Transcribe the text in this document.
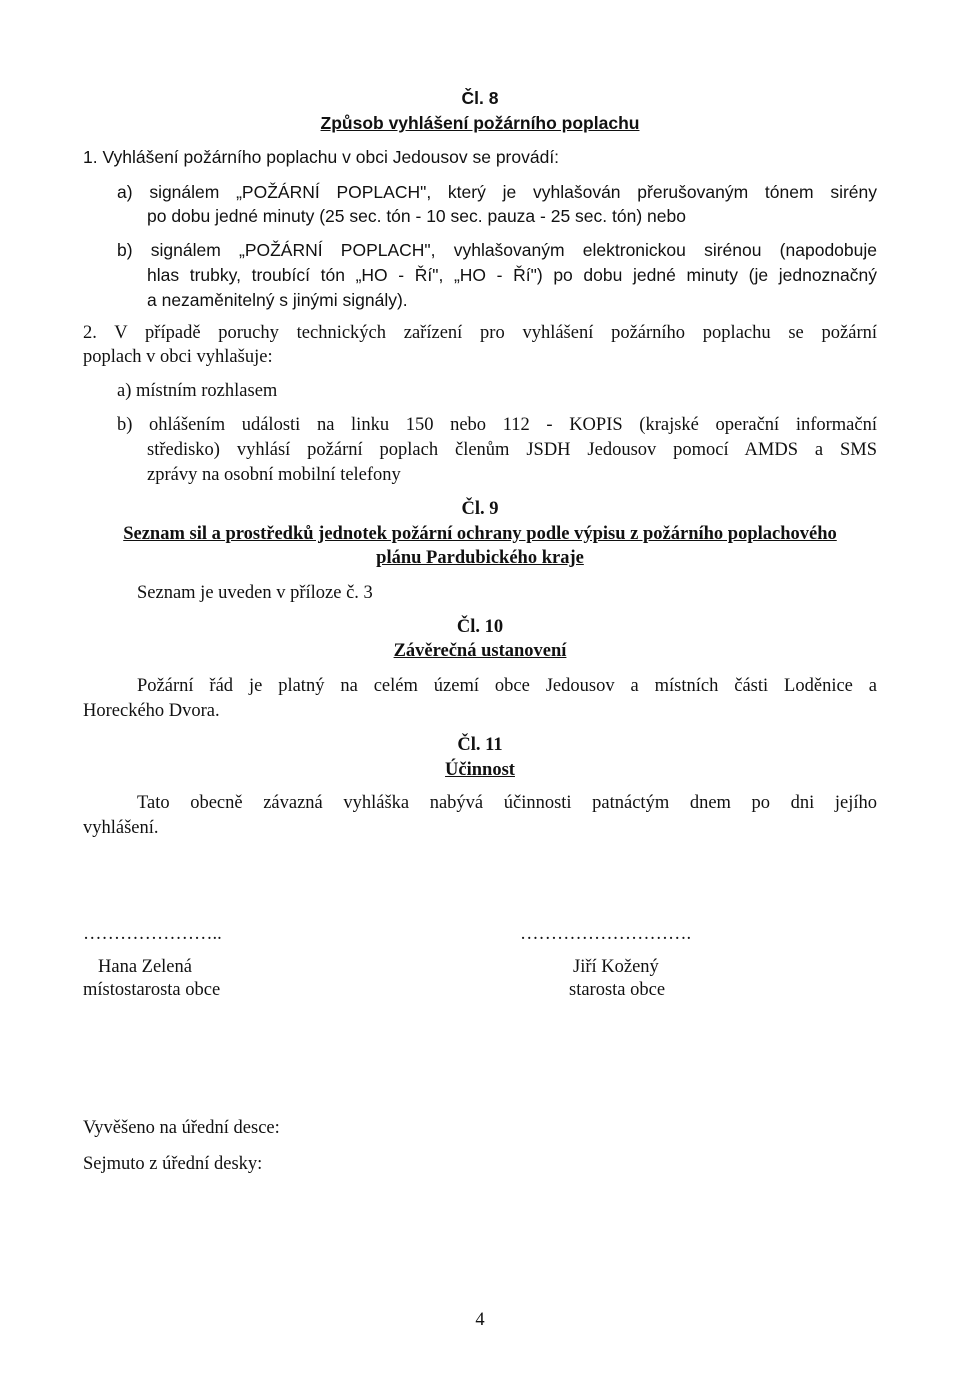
Čl. 8
Způsob vyhlášení požárního poplachu
1. Vyhlášení požárního poplachu v obci Jedousov se provádí:
a) signálem „POŽÁRNÍ POPLACH", který je vyhlašován přerušovaným tónem sirény
po dobu jedné minuty (25 sec. tón - 10 sec. pauza - 25 sec. tón) nebo
b) signálem „POŽÁRNÍ POPLACH", vyhlašovaným elektronickou sirénou (napodobuje
hlas trubky, troubící tón „HO - Ří", „HO - Ří") po dobu jedné minuty (je jednoznačný
a nezaměnitelný s jinými signály).
2. V případě poruchy technických zařízení pro vyhlášení požárního poplachu se požární
poplach v obci vyhlašuje:
a) místním rozhlasem
b) ohlášením události na linku 150 nebo 112 - KOPIS (krajské operační informační
středisko) vyhlásí požární poplach členům JSDH Jedousov pomocí AMDS a SMS
zprávy na osobní mobilní telefony
Čl. 9
Seznam sil a prostředků jednotek požární ochrany podle výpisu z požárního poplachového
plánu Pardubického kraje
Seznam je uveden v příloze č. 3
Čl. 10
Závěrečná ustanovení
Požární řád je platný na celém území obce Jedousov a místních části Loděnice a
Horeckého Dvora.
Čl. 11
Účinnost
Tato obecně závazná vyhláška nabývá účinnosti patnáctým dnem po dni jejího
vyhlášení.
…………………..
Hana Zelená
místostarosta obce
……………………….
Jiří Kožený
starosta obce
Vyvěšeno na úřední desce:
Sejmuto z úřední desky:
4
